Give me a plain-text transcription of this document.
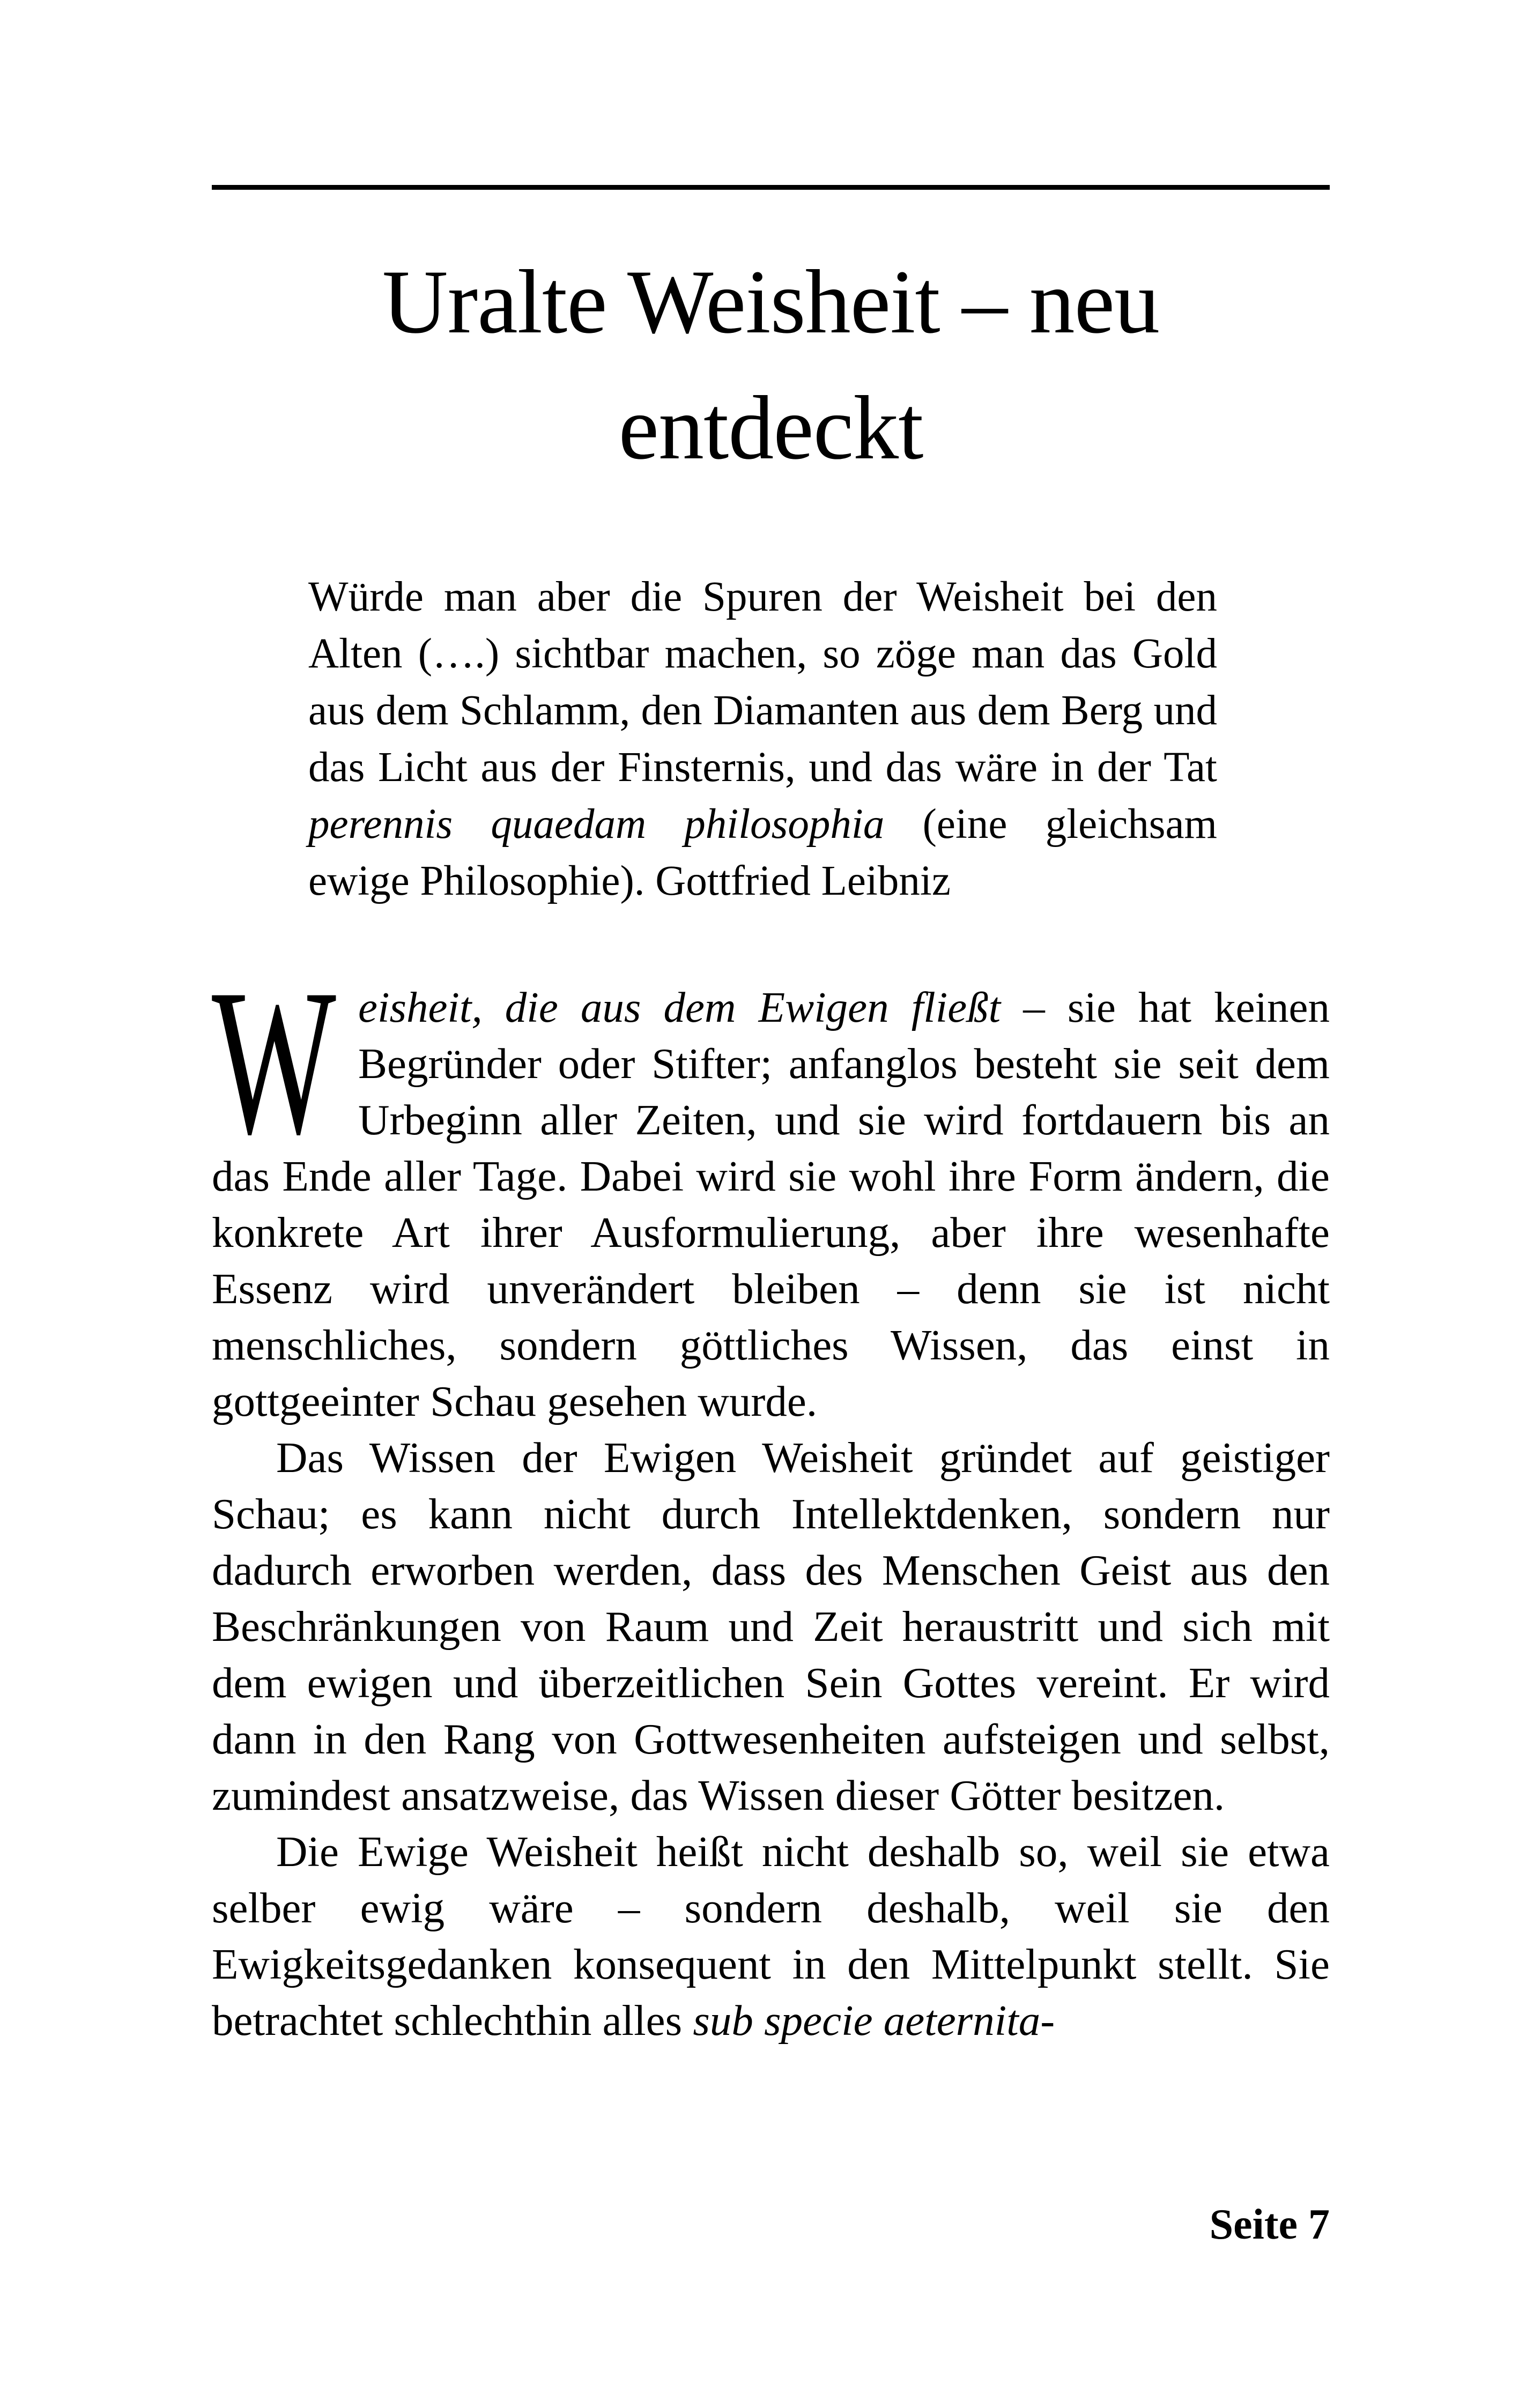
Uralte Weisheit – neu
entdeckt
Würde man aber die Spuren der Weisheit bei den Alten (….) sichtbar machen, so zöge man das Gold aus dem Schlamm, den Diamanten aus dem Berg und das Licht aus der Finsternis, und das wäre in der Tat perennis quaedam philosophia (eine gleichsam ewige Philosophie). Gottfried Leibniz

Weisheit, die aus dem Ewigen fließt – sie hat keinen Begründer oder Stifter; anfanglos besteht sie seit dem Urbeginn aller Zeiten, und sie wird fortdauern bis an das Ende aller Tage. Dabei wird sie wohl ihre Form ändern, die konkrete Art ihrer Ausformulierung, aber ihre wesenhafte Essenz wird unverändert bleiben – denn sie ist nicht menschliches, sondern göttliches Wissen, das einst in gottgeeinter Schau gesehen wurde.

Das Wissen der Ewigen Weisheit gründet auf geistiger Schau; es kann nicht durch Intellektdenken, sondern nur dadurch erworben werden, dass des Menschen Geist aus den Beschränkungen von Raum und Zeit heraustritt und sich mit dem ewigen und überzeitlichen Sein Gottes vereint. Er wird dann in den Rang von Gottwesenheiten aufsteigen und selbst, zumindest ansatzweise, das Wissen dieser Götter besitzen.

Die Ewige Weisheit heißt nicht deshalb so, weil sie etwa selber ewig wäre – sondern deshalb, weil sie den Ewigkeitsgedanken konsequent in den Mittelpunkt stellt. Sie betrachtet schlechthin alles sub specie aeternita-

Seite 7
